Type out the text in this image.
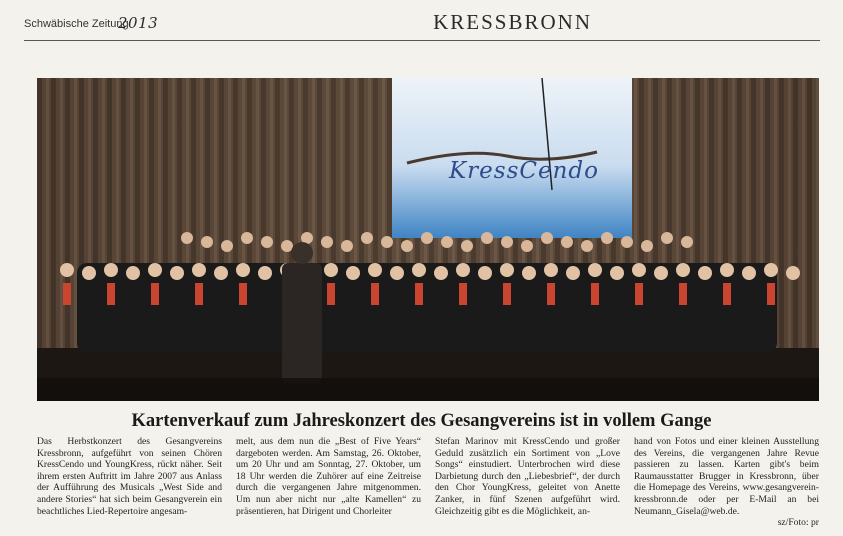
Schwäbische Zeitung
2013	KRESSBRONN
KressCendo
Kartenverkauf zum Jahreskonzert des Gesangvereins ist in vollem Gange

Das Herbstkonzert des Gesangvereins Kressbronn, aufgeführt von seinen Chören KressCendo und YoungKress, rückt näher. Seit ihrem ersten Auftritt im Jahre 2007 aus Anlass der Aufführung des Musicals „West Side and andere Stories“ hat sich beim Gesangverein ein beachtliches Lied-Repertoire angesam-

melt, aus dem nun die „Best of Five Years“ dargeboten werden. Am Samstag, 26. Oktober, um 20 Uhr und am Sonntag, 27. Oktober, um 18 Uhr werden die Zuhörer auf eine Zeitreise durch die vergangenen Jahre mitgenommen. Um nun aber nicht nur „alte Kamellen“ zu präsentieren, hat Dirigent und Chorleiter

Stefan Marinov mit KressCendo und großer Geduld zusätzlich ein Sortiment von „Love Songs“ einstudiert. Unterbrochen wird diese Darbietung durch den „Liebesbrief“, der durch den Chor YoungKress, geleitet von Anette Zanker, in fünf Szenen aufgeführt wird. Gleichzeitig gibt es die Möglichkeit, an-

hand von Fotos und einer kleinen Ausstellung des Vereins, die vergangenen Jahre Revue passieren zu lassen. Karten gibt's beim Raumausstatter Brugger in Kressbronn, über die Homepage des Vereins, www.gesangverein-kressbronn.de oder per E-Mail an bei Neumann_Gisela@web.de.

sz/Foto: pr
